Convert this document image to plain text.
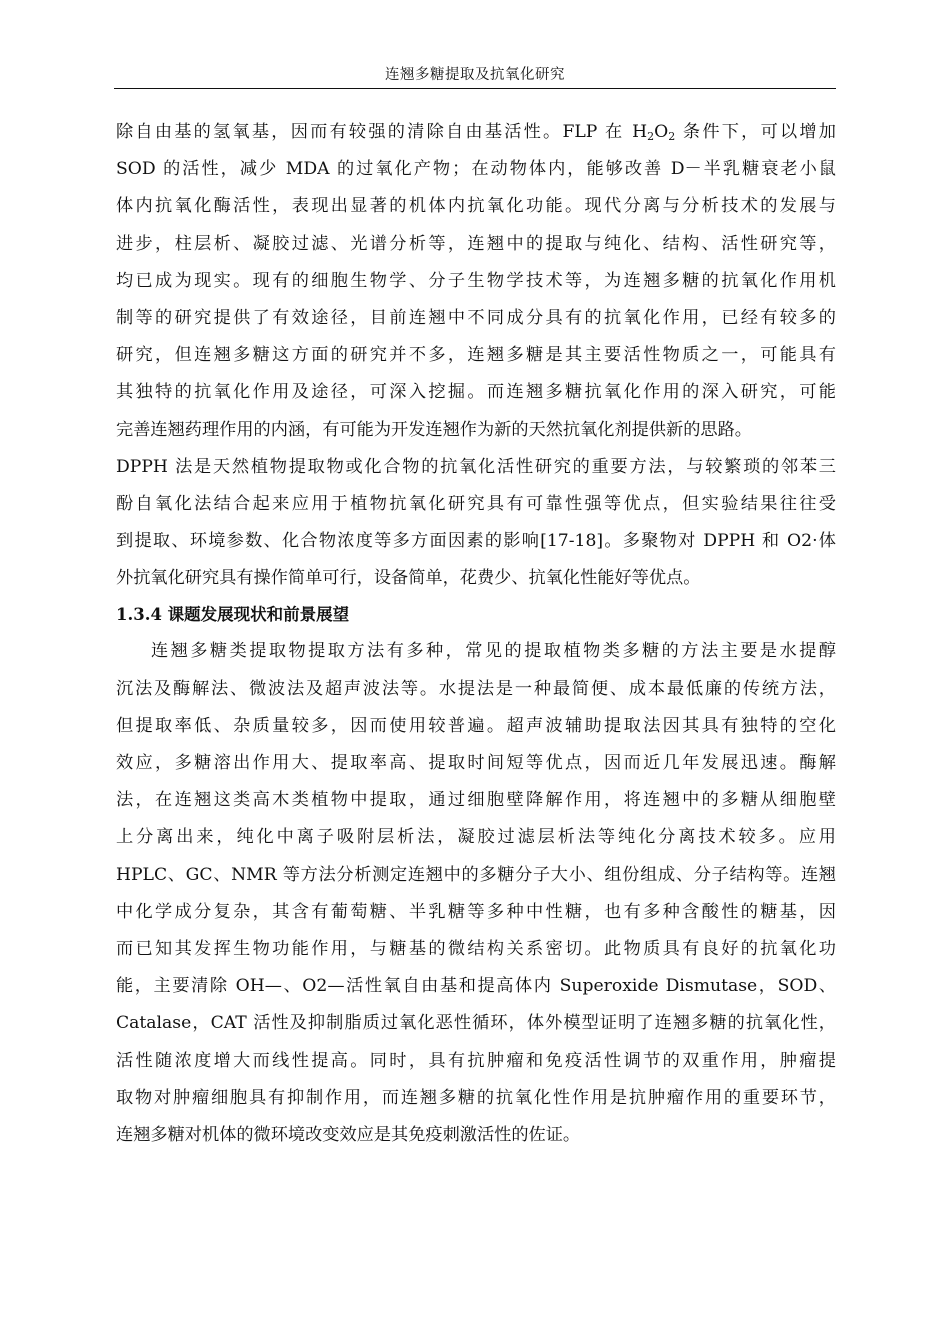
连翘多糖提取及抗氧化研究
除自由基的氢氧基，因而有较强的清除自由基活性。FLP 在 $H_2O_2$ 条件下，可以增加
SOD 的活性，减少 MDA 的过氧化产物；在动物体内，能够改善 D－半乳糖衰老小鼠
体内抗氧化酶活性，表现出显著的机体内抗氧化功能。现代分离与分析技术的发展与
进步，柱层析、凝胶过滤、光谱分析等，连翘中的提取与纯化、结构、活性研究等，
均已成为现实。现有的细胞生物学、分子生物学技术等，为连翘多糖的抗氧化作用机
制等的研究提供了有效途径，目前连翘中不同成分具有的抗氧化作用，已经有较多的
研究，但连翘多糖这方面的研究并不多，连翘多糖是其主要活性物质之一，可能具有
其独特的抗氧化作用及途径，可深入挖掘。而连翘多糖抗氧化作用的深入研究，可能
完善连翘药理作用的内涵，有可能为开发连翘作为新的天然抗氧化剂提供新的思路。
DPPH 法是天然植物提取物或化合物的抗氧化活性研究的重要方法，与较繁琐的邻苯三
酚自氧化法结合起来应用于植物抗氧化研究具有可靠性强等优点，但实验结果往往受
到提取、环境参数、化合物浓度等多方面因素的影响[17-18]。多聚物对 DPPH 和 O2·体
外抗氧化研究具有操作简单可行，设备简单，花费少、抗氧化性能好等优点。
1.3.4 课题发展现状和前景展望
连翘多糖类提取物提取方法有多种，常见的提取植物类多糖的方法主要是水提醇
沉法及酶解法、微波法及超声波法等。水提法是一种最简便、成本最低廉的传统方法，
但提取率低、杂质量较多，因而使用较普遍。超声波辅助提取法因其具有独特的空化
效应，多糖溶出作用大、提取率高、提取时间短等优点，因而近几年发展迅速。酶解
法，在连翘这类高木类植物中提取，通过细胞壁降解作用，将连翘中的多糖从细胞壁
上分离出来，纯化中离子吸附层析法，凝胶过滤层析法等纯化分离技术较多。应用
HPLC、GC、NMR 等方法分析测定连翘中的多糖分子大小、组份组成、分子结构等。连翘
中化学成分复杂，其含有葡萄糖、半乳糖等多种中性糖，也有多种含酸性的糖基，因
而已知其发挥生物功能作用，与糖基的微结构关系密切。此物质具有良好的抗氧化功
能，主要清除 OH—、O2—活性氧自由基和提高体内 Superoxide Dismutase，SOD、
Catalase，CAT 活性及抑制脂质过氧化恶性循环，体外模型证明了连翘多糖的抗氧化性，
活性随浓度增大而线性提高。同时，具有抗肿瘤和免疫活性调节的双重作用，肿瘤提
取物对肿瘤细胞具有抑制作用，而连翘多糖的抗氧化性作用是抗肿瘤作用的重要环节，
连翘多糖对机体的微环境改变效应是其免疫刺激活性的佐证。
